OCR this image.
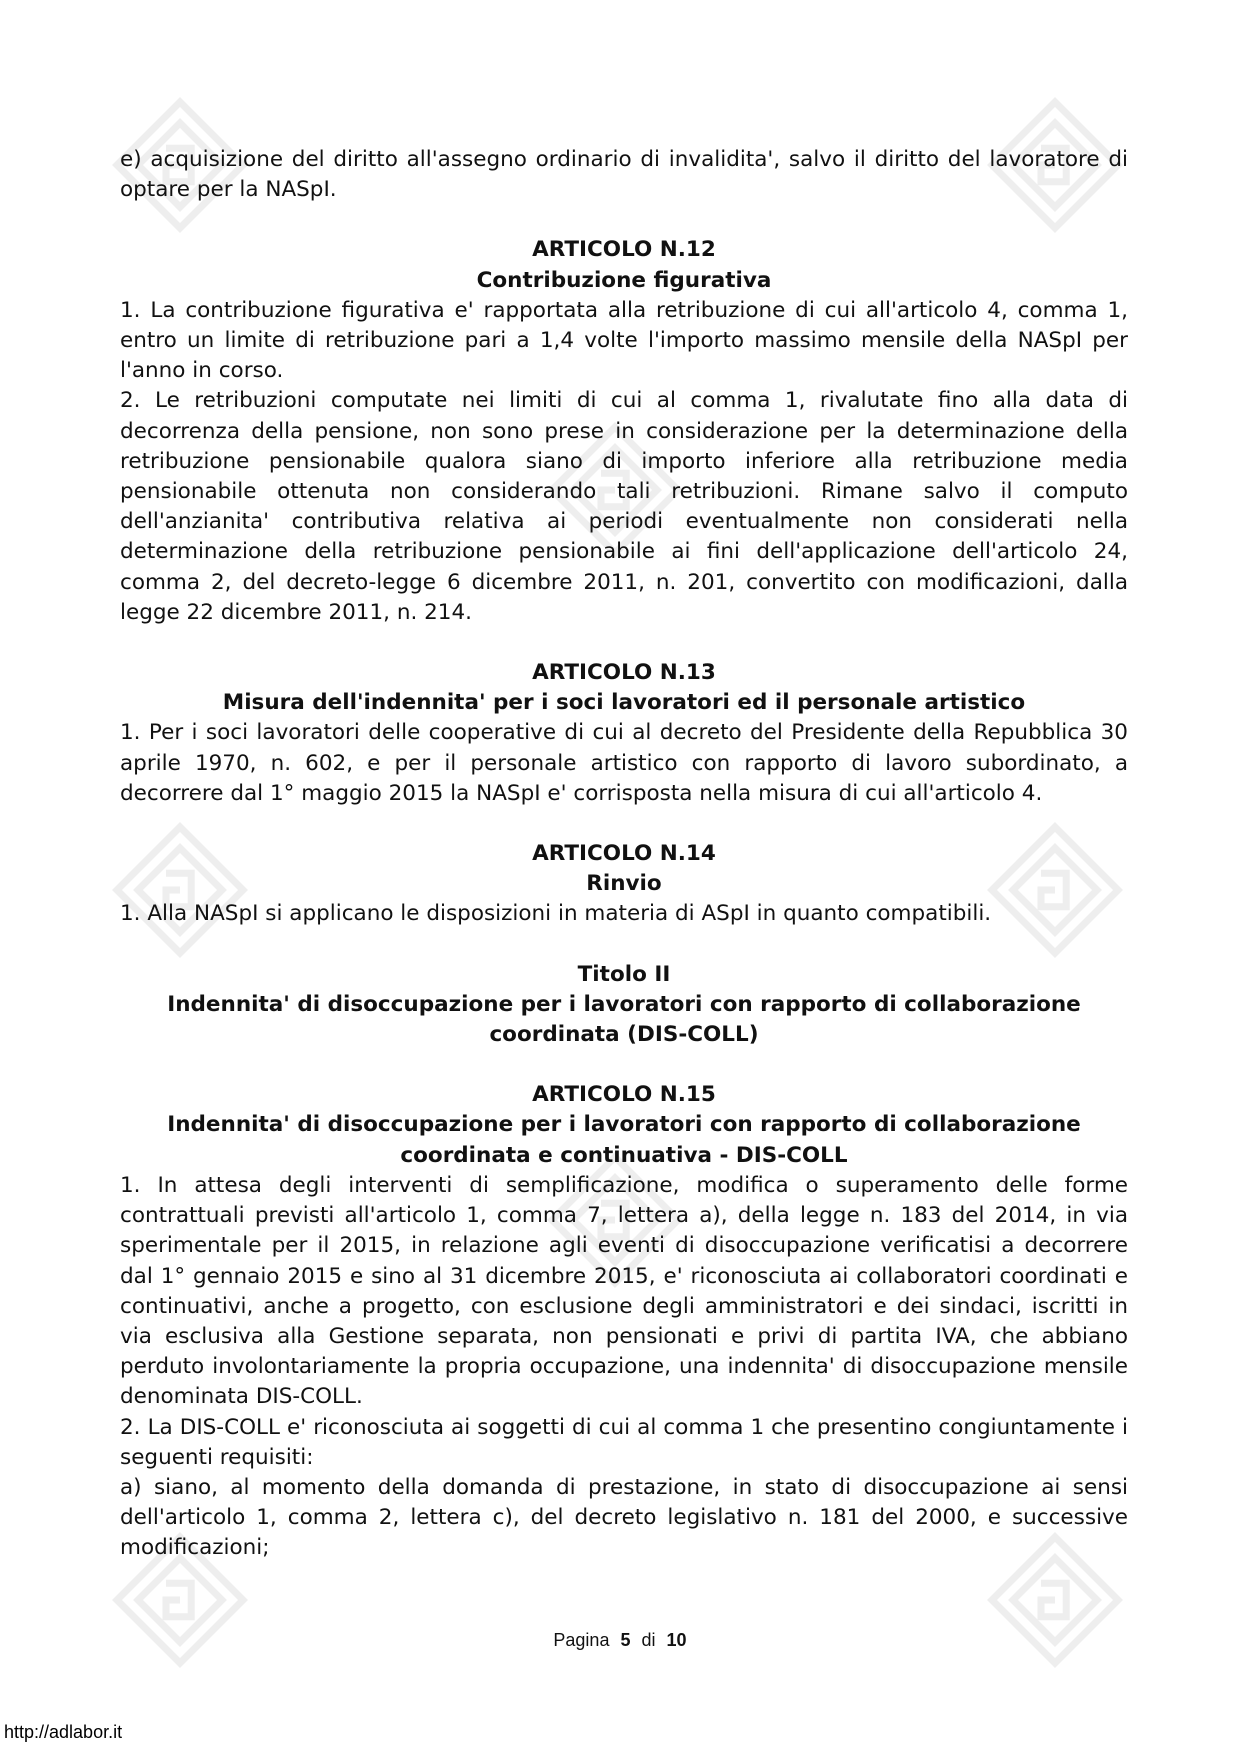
e) acquisizione del diritto all'assegno ordinario di invalidita', salvo il diritto del lavoratore di optare per la NASpI.

ARTICOLO N.12
Contribuzione figurativa

1. La contribuzione figurativa e' rapportata alla retribuzione di cui all'articolo 4, comma 1, entro un limite di retribuzione pari a 1,4 volte l'importo massimo mensile della NASpI per l'anno in corso.

2. Le retribuzioni computate nei limiti di cui al comma 1, rivalutate fino alla data di decorrenza della pensione, non sono prese in considerazione per la determinazione della retribuzione pensionabile qualora siano di importo inferiore alla retribuzione media pensionabile ottenuta non considerando tali retribuzioni. Rimane salvo il computo dell'anzianita' contributiva relativa ai periodi eventualmente non considerati nella determinazione della retribuzione pensionabile ai fini dell'applicazione dell'articolo 24, comma 2, del decreto-legge 6 dicembre 2011, n. 201, convertito con modificazioni, dalla legge 22 dicembre 2011, n. 214.

ARTICOLO N.13
Misura dell'indennita' per i soci lavoratori ed il personale artistico

1. Per i soci lavoratori delle cooperative di cui al decreto del Presidente della Repubblica 30 aprile 1970, n. 602, e per il personale artistico con rapporto di lavoro subordinato, a decorrere dal 1° maggio 2015 la NASpI e' corrisposta nella misura di cui all'articolo 4.

ARTICOLO N.14
Rinvio

1. Alla NASpI si applicano le disposizioni in materia di ASpI in quanto compatibili.

Titolo II
Indennita' di disoccupazione per i lavoratori con rapporto di collaborazione coordinata (DIS-COLL)
ARTICOLO N.15
Indennita' di disoccupazione per i lavoratori con rapporto di collaborazione coordinata e continuativa - DIS-COLL

1. In attesa degli interventi di semplificazione, modifica o superamento delle forme contrattuali previsti all'articolo 1, comma 7, lettera a), della legge n. 183 del 2014, in via sperimentale per il 2015, in relazione agli eventi di disoccupazione verificatisi a decorrere dal 1° gennaio 2015 e sino al 31 dicembre 2015, e' riconosciuta ai collaboratori coordinati e continuativi, anche a progetto, con esclusione degli amministratori e dei sindaci, iscritti in via esclusiva alla Gestione separata, non pensionati e privi di partita IVA, che abbiano perduto involontariamente la propria occupazione, una indennita' di disoccupazione mensile denominata DIS-COLL.

2. La DIS-COLL e' riconosciuta ai soggetti di cui al comma 1 che presentino congiuntamente i seguenti requisiti:

a) siano, al momento della domanda di prestazione, in stato di disoccupazione ai sensi dell'articolo 1, comma 2, lettera c), del decreto legislativo n. 181 del 2000, e successive modificazioni;

Pagina 5 di 10
http://adlabor.it
